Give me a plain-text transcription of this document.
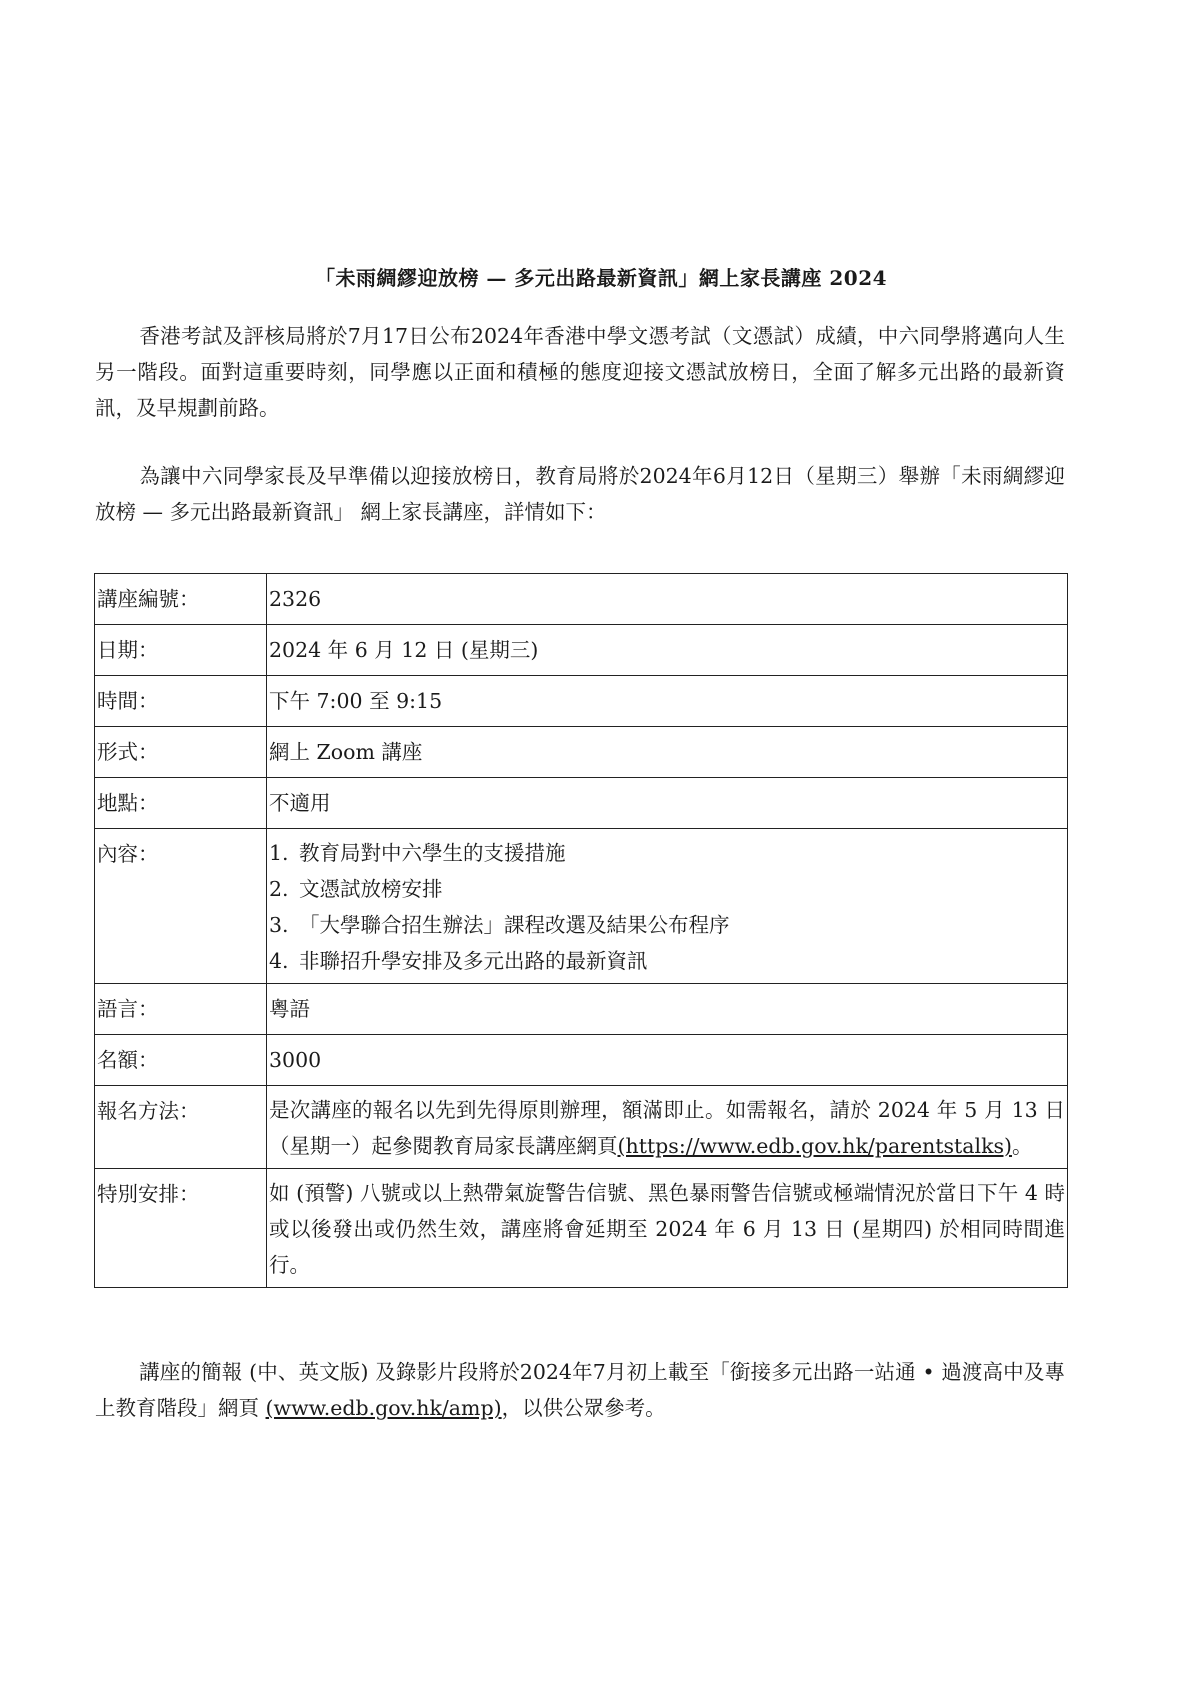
「未雨綢繆迎放榜 — 多元出路最新資訊」網上家長講座 2024
香港考試及評核局將於7月17日公布2024年香港中學文憑考試（文憑試）成績，中六同學將邁向人生另一階段。面對這重要時刻，同學應以正面和積極的態度迎接文憑試放榜日，全面了解多元出路的最新資訊，及早規劃前路。
為讓中六同學家長及早準備以迎接放榜日，教育局將於2024年6月12日（星期三）舉辦「未雨綢繆迎放榜 — 多元出路最新資訊」 網上家長講座，詳情如下：
講座編號：	2326
日期：	2024 年 6 月 12 日 (星期三)
時間：	下午 7:00 至 9:15
形式：	網上 Zoom 講座
地點：	不適用
內容：	1. 教育局對中六學生的支援措施
2. 文憑試放榜安排
3. 「大學聯合招生辦法」課程改選及結果公布程序
4. 非聯招升學安排及多元出路的最新資訊

語言：	粵語
名額：	3000
報名方法：	是次講座的報名以先到先得原則辦理，額滿即止。如需報名，請於 2024 年 5 月 13 日（星期一）起參閱教育局家長講座網頁(https://www.edb.gov.hk/parentstalks)。
特別安排：	如 (預警) 八號或以上熱帶氣旋警告信號、黑色暴雨警告信號或極端情況於當日下午 4 時或以後發出或仍然生效，講座將會延期至 2024 年 6 月 13 日 (星期四) 於相同時間進行。
講座的簡報 (中、英文版) 及錄影片段將於2024年7月初上載至「銜接多元出路一站通 • 過渡高中及專上教育階段」網頁 (www.edb.gov.hk/amp)，以供公眾參考。
